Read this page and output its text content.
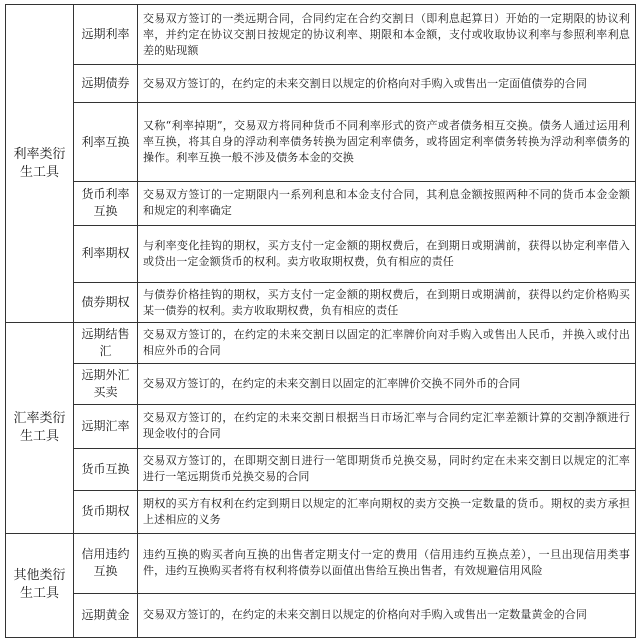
利率类衍生工具	远期利率	交易双方签订的一类远期合同，合同约定在合约交割日（即利息起算日）开始的一定期限的协议利率，并约定在协议交割日按规定的协议利率、期限和本金额，支付或收取协议利率与参照利率利息差的贴现额
	远期债券	交易双方签订的，在约定的未来交割日以规定的价格向对手购入或售出一定面值债券的合同
	利率互换	又称“利率掉期”，交易双方将同种货币不同利率形式的资产或者债务相互交换。债务人通过运用利率互换，将其自身的浮动利率债务转换为固定利率债务，或将固定利率债务转换为浮动利率债务的操作。利率互换一般不涉及债务本金的交换
	货币利率互换	交易双方签订的一定期限内一系列利息和本金支付合同，其利息金额按照两种不同的货币本金金额和规定的利率确定
	利率期权	与利率变化挂钩的期权，买方支付一定金额的期权费后，在到期日或期满前，获得以协定利率借入或贷出一定金额货币的权利。卖方收取期权费，负有相应的责任
	债券期权	与债券价格挂钩的期权，买方支付一定金额的期权费后，在到期日或期满前，获得以约定价格购买某一债券的权利。卖方收取期权费，负有相应的责任
汇率类衍生工具	远期结售汇	交易双方签订的，在约定的未来交割日以固定的汇率牌价向对手购入或售出人民币，并换入或付出相应外币的合同
	远期外汇买卖	交易双方签订的，在约定的未来交割日以固定的汇率牌价交换不同外币的合同
	远期汇率	交易双方签订的，在约定的未来交割日根据当日市场汇率与合同约定汇率差额计算的交割净额进行现金收付的合同
	货币互换	交易双方签订的，在即期交割日进行一笔即期货币兑换交易，同时约定在未来交割日以规定的汇率进行一笔远期货币兑换交易的合同
	货币期权	期权的买方有权利在约定到期日以规定的汇率向期权的卖方交换一定数量的货币。期权的卖方承担上述相应的义务
其他类衍生工具	信用违约互换	违约互换的购买者向互换的出售者定期支付一定的费用（信用违约互换点差），一旦出现信用类事件，违约互换购买者将有权利将债券以面值出售给互换出售者，有效规避信用风险
	远期黄金	交易双方签订的，在约定的未来交割日以规定的价格向对手购入或售出一定数量黄金的合同
